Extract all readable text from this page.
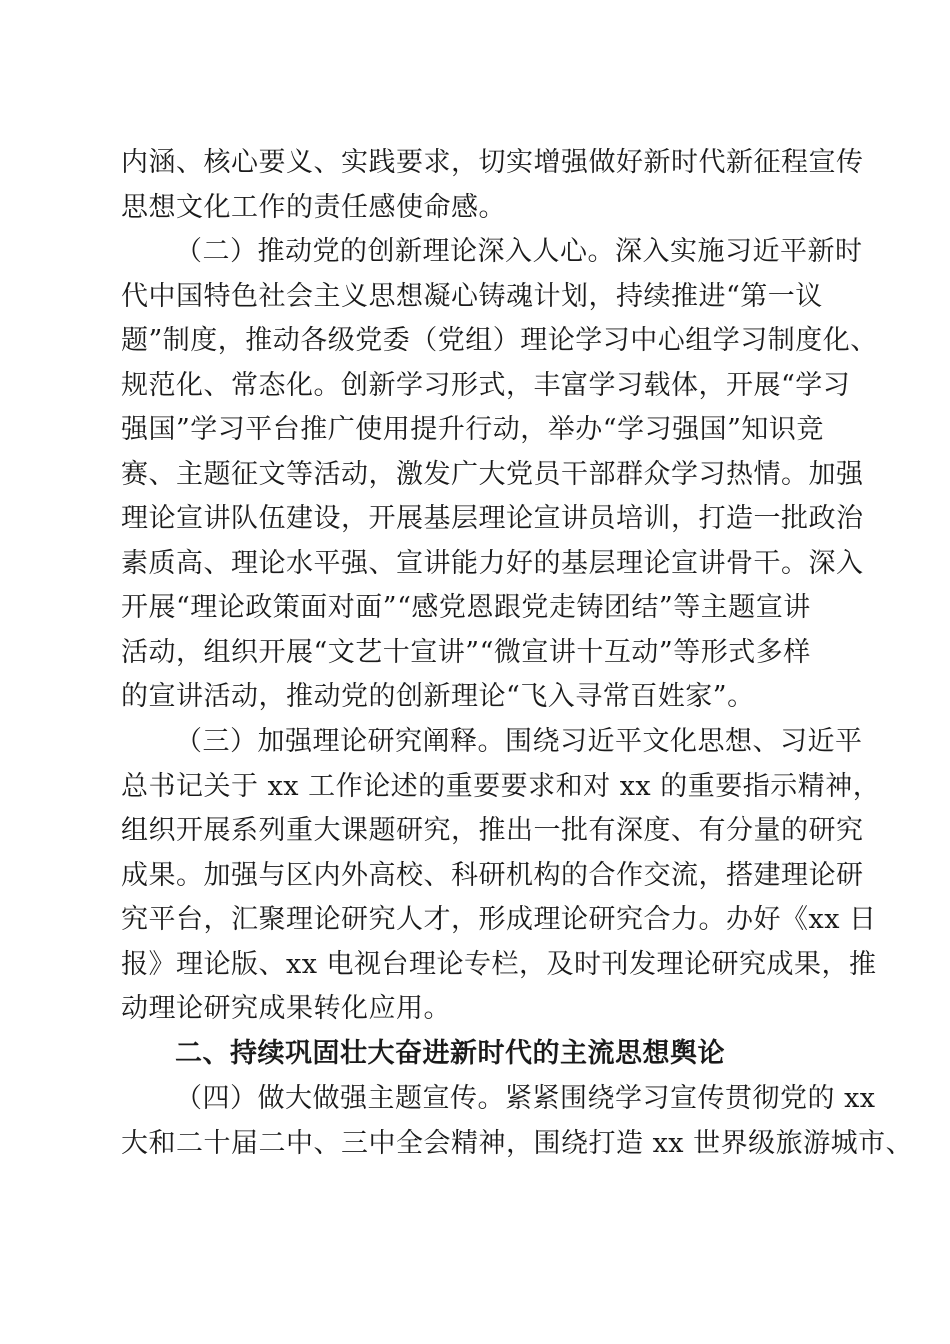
内涵、核心要义、实践要求，切实增强做好新时代新征程宣传
思想文化工作的责任感使命感。
（二）推动党的创新理论深入人心。深入实施习近平新时
代中国特色社会主义思想凝心铸魂计划，持续推进“第一议
题”制度，推动各级党委（党组）理论学习中心组学习制度化、
规范化、常态化。创新学习形式，丰富学习载体，开展“学习
强国”学习平台推广使用提升行动，举办“学习强国”知识竞
赛、主题征文等活动，激发广大党员干部群众学习热情。加强
理论宣讲队伍建设，开展基层理论宣讲员培训，打造一批政治
素质高、理论水平强、宣讲能力好的基层理论宣讲骨干。深入
开展“理论政策面对面”“感党恩跟党走铸团结”等主题宣讲
活动，组织开展“文艺十宣讲”“微宣讲十互动”等形式多样
的宣讲活动，推动党的创新理论“飞入寻常百姓家”。
（三）加强理论研究阐释。围绕习近平文化思想、习近平
总书记关于 xx 工作论述的重要要求和对 xx 的重要指示精神，
组织开展系列重大课题研究，推出一批有深度、有分量的研究
成果。加强与区内外高校、科研机构的合作交流，搭建理论研
究平台，汇聚理论研究人才，形成理论研究合力。办好《xx 日
报》理论版、xx 电视台理论专栏，及时刊发理论研究成果，推
动理论研究成果转化应用。
二、持续巩固壮大奋进新时代的主流思想舆论
（四）做大做强主题宣传。紧紧围绕学习宣传贯彻党的 xx
大和二十届二中、三中全会精神，围绕打造 xx 世界级旅游城市、
